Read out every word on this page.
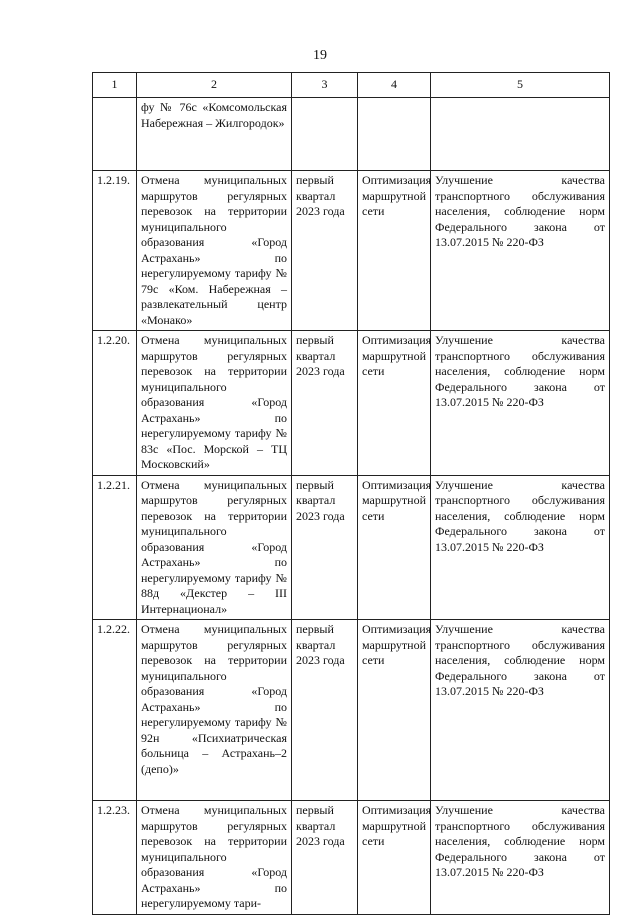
19
1	2	3	4	5
	фу № 76с «Комсомольская Набережная – Жилгородок»			
1.2.19.	Отмена муниципальных маршрутов регулярных перевозок на территории муниципального образования «Город Астрахань» по нерегулируемому тарифу № 79с «Ком. Набережная – развлекательный центр «Монако»	первый квартал 2023 года	Оптимизация маршрутной сети	Улучшение качества транспортного обслуживания населения, соблюдение норм Федерального закона от 13.07.2015 № 220-ФЗ
1.2.20.	Отмена муниципальных маршрутов регулярных перевозок на территории муниципального образования «Город Астрахань» по нерегулируемому тарифу № 83с «Пос. Морской – ТЦ Московский»	первый квартал 2023 года	Оптимизация маршрутной сети	Улучшение качества транспортного обслуживания населения, соблюдение норм Федерального закона от 13.07.2015 № 220-ФЗ
1.2.21.	Отмена муниципальных маршрутов регулярных перевозок на территории муниципального образования «Город Астрахань» по нерегулируемому тарифу № 88д «Декстер – III Интернационал»	первый квартал 2023 года	Оптимизация маршрутной сети	Улучшение качества транспортного обслуживания населения, соблюдение норм Федерального закона от 13.07.2015 № 220-ФЗ
1.2.22.	Отмена муниципальных маршрутов регулярных перевозок на территории муниципального образования «Город Астрахань» по нерегулируемому тарифу № 92н «Психиатрическая больница – Астрахань–2 (депо)»	первый квартал 2023 года	Оптимизация маршрутной сети	Улучшение качества транспортного обслуживания населения, соблюдение норм Федерального закона от 13.07.2015 № 220-ФЗ
1.2.23.	Отмена муниципальных маршрутов регулярных перевозок на территории муниципального образования «Город Астрахань» по нерегулируемому тари-	первый квартал 2023 года	Оптимизация маршрутной сети	Улучшение качества транспортного обслуживания населения, соблюдение норм Федерального закона от 13.07.2015 № 220-ФЗ
